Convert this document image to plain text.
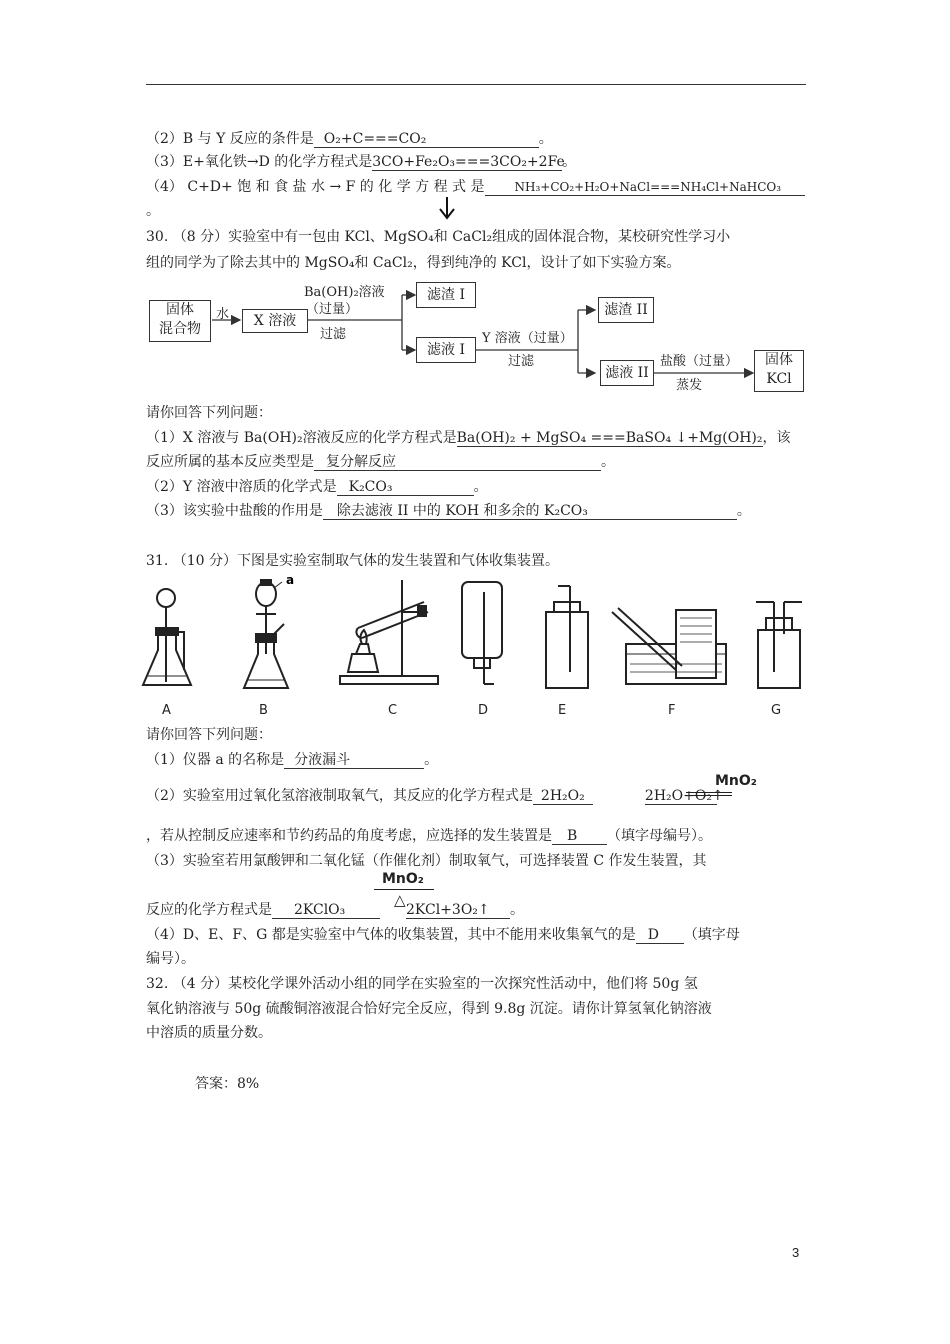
（2）B 与 Y 反应的条件是 O₂+C===CO₂	。
（3）E+氧化铁→D 的化学方程式是3CO+Fe₂O₃===3CO₂+2Fe。
（4） C+D+ 饱 和 食 盐 水 → F 的 化 学 方 程 式 是	NH₃+CO₂+H₂O+NaCl===NH₄Cl+NaHCO₃
。
30. （8 分）实验室中有一包由 KCl、MgSO₄和 CaCl₂组成的固体混合物，某校研究性学习小
组的同学为了除去其中的 MgSO₄和 CaCl₂，得到纯净的 KCl，设计了如下实验方案。
固体
混合物
水	X 溶液
Ba(OH)₂溶液
（过量）
过滤
滤渣 I
滤液 I
Y 溶液（过量）
过滤
滤渣 II
滤液 II
盐酸（过量）
蒸发
固体
KCl
请你回答下列问题：
（1）X 溶液与 Ba(OH)₂溶液反应的化学方程式是Ba(OH)₂ + MgSO₄ ===BaSO₄ ↓+Mg(OH)₂，该
反应所属的基本反应类型是 复分解反应	。
（2）Y 溶液中溶质的化学式是 K₂CO₃	。
（3）该实验中盐酸的作用是 除去滤液 II 中的 KOH 和多余的 K₂CO₃	。
31. （10 分）下图是实验室制取气体的发生装置和气体收集装置。
a
A	B	C	D	E	F	G
请你回答下列问题：
（1）仪器 a 的名称是 分液漏斗	。
MnO₂
（2）实验室用过氧化氢溶液制取氧气，其反应的化学方程式是 2H₂O₂	2H₂O+O₂↑
，若从控制反应速率和节约药品的角度考虑，应选择的发生装置是 B （填字母编号）。
（3）实验室若用氯酸钾和二氧化锰（作催化剂）制取氧气，可选择装置 C 作发生装置，其
MnO₂
△
反应的化学方程式是 2KClO₃	2KCl+3O₂↑ 。
（4）D、E、F、G 都是实验室中气体的收集装置，其中不能用来收集氧气的是 D （填字母
编号）。
32. （4 分）某校化学课外活动小组的同学在实验室的一次探究性活动中，他们将 50g 氢
氧化钠溶液与 50g 硫酸铜溶液混合恰好完全反应，得到 9.8g 沉淀。请你计算氢氧化钠溶液
中溶质的质量分数。
答案：8%
3
